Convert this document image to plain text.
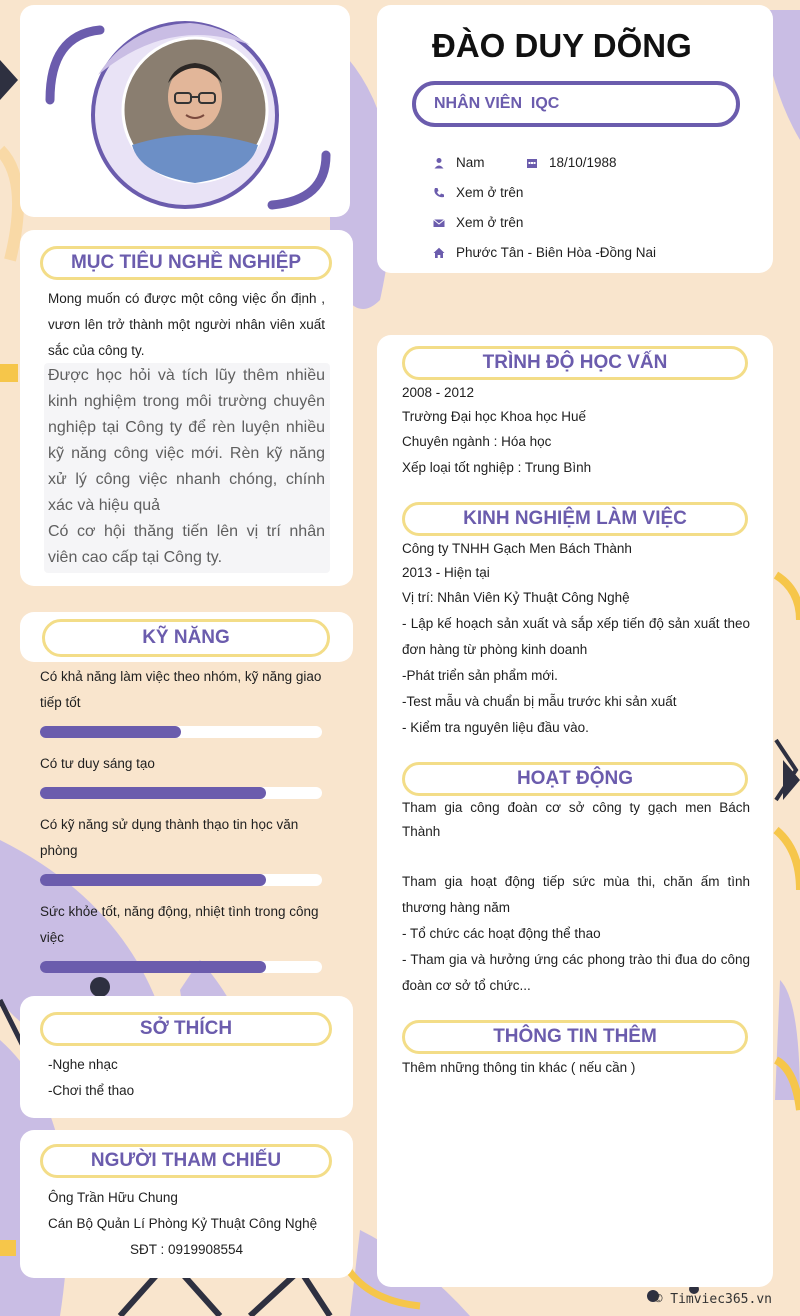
ĐÀO DUY DÕNG
NHÂN VIÊN  IQC
Nam	18/10/1988
Xem ở trên
Xem ở trên
Phước Tân - Biên Hòa -Đồng Nai
MỤC TIÊU NGHỀ NGHIỆP
Mong muốn có được một công việc ổn định , vươn lên trở thành một người nhân viên xuất sắc của công ty.
Được học hỏi và tích lũy thêm nhiều kinh nghiệm trong môi trường chuyên nghiệp tại Công ty để rèn luyện nhiều kỹ năng công việc mới. Rèn kỹ năng xử lý công việc nhanh chóng, chính xác và hiệu quả
Có cơ hội thăng tiến lên vị trí nhân viên cao cấp tại Công ty.
KỸ NĂNG
Có khả năng làm việc theo nhóm, kỹ năng giao tiếp tốt
Có tư duy sáng tạo
Có kỹ năng sử dụng thành thạo tin học văn phòng
Sức khỏe tốt, năng động, nhiệt tình trong công việc
SỞ THÍCH
-Nghe nhạc
-Chơi thể thao
NGƯỜI THAM CHIẾU
Ông Trần Hữu Chung
Cán Bộ Quản Lí Phòng Kỷ Thuật Công Nghệ
SĐT : 0919908554
TRÌNH ĐỘ HỌC VẤN
2008 - 2012
Trường Đại học Khoa học Huế
Chuyên ngành : Hóa học
Xếp loại tốt nghiệp : Trung Bình
KINH NGHIỆM LÀM VIỆC
Công ty TNHH Gạch Men Bách Thành
2013 - Hiện tại
Vị trí: Nhân Viên Kỷ Thuật Công Nghệ
- Lập kế hoạch sản xuất và sắp xếp tiến độ sản xuất theo đơn hàng từ phòng kinh doanh
-Phát triển sản phẩm mới.
-Test mẫu và chuẩn bị mẫu trước khi sản xuất
- Kiểm tra nguyên liệu đầu vào.
HOẠT ĐỘNG
Tham gia công đoàn cơ sở công ty gạch men Bách Thành
Tham gia hoạt động tiếp sức mùa thi, chăn ấm tình thương hàng năm
- Tổ chức các hoạt động thể thao
- Tham gia và hưởng ứng các phong trào thi đua do công đoàn cơ sở tổ chức...
THÔNG TIN THÊM
Thêm những thông tin khác ( nếu cần )
© Timviec365.vn
